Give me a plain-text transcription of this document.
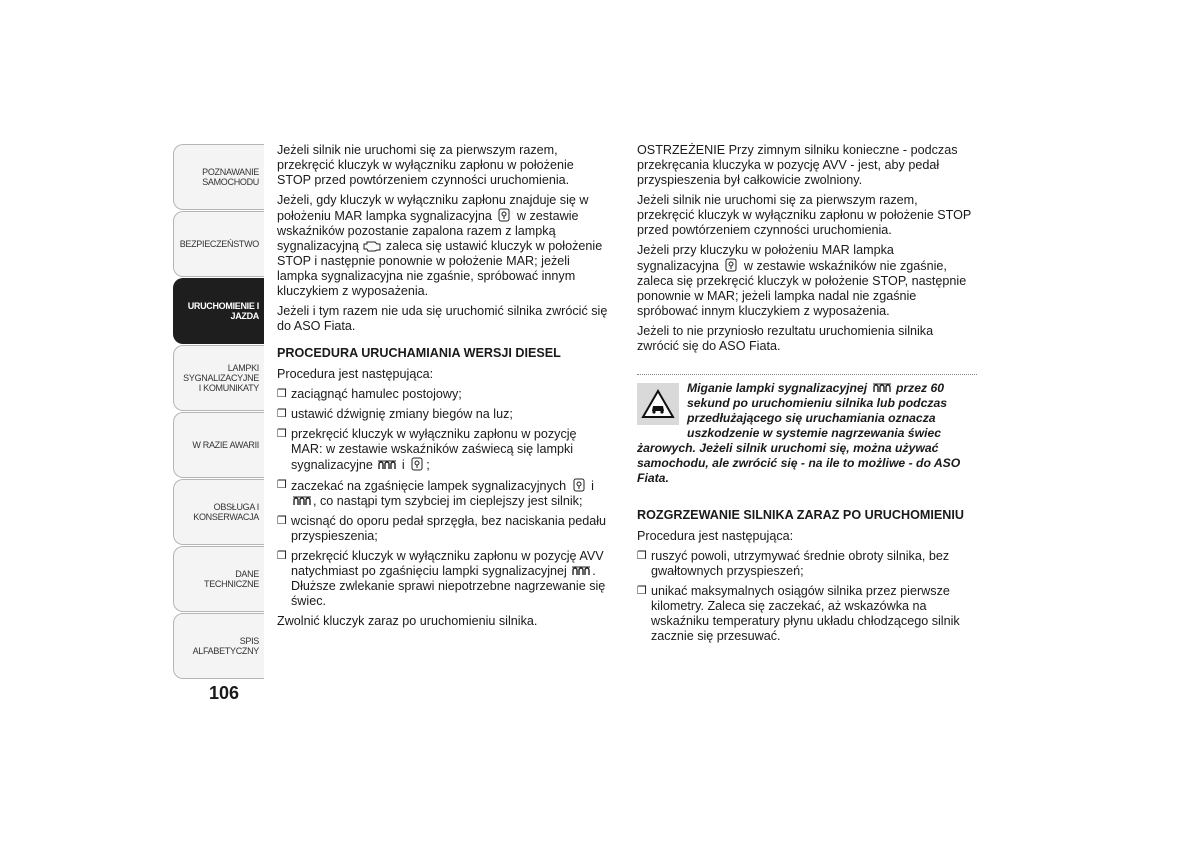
POZNAWANIE SAMOCHODU
BEZPIECZEŃSTWO
URUCHOMIENIE I JAZDA
LAMPKI SYGNALIZACYJNE I KOMUNIKATY
W RAZIE AWARII
OBSŁUGA I KONSERWACJA
DANE TECHNICZNE
SPIS ALFABETYCZNY
106

Jeżeli silnik nie uruchomi się za pierwszym razem, przekręcić kluczyk w wyłączniku zapłonu w położenie STOP przed powtórzeniem czynności uruchomienia.

Jeżeli, gdy kluczyk w wyłączniku zapłonu znajduje się w położeniu MAR lampka sygnalizacyjna w zestawie wskaźników pozostanie zapalona razem z lampką sygnalizacyjną zaleca się ustawić kluczyk w położenie STOP i następnie ponownie w położenie MAR; jeżeli lampka sygnalizacyjna nie zgaśnie, spróbować innym kluczykiem z wyposażenia.

Jeżeli i tym razem nie uda się uruchomić silnika zwrócić się do ASO Fiata.

PROCEDURA URUCHAMIANIA WERSJI DIESEL

Procedura jest następująca:

❒ zaciągnąć hamulec postojowy;
❒ ustawić dźwignię zmiany biegów na luz;
❒ przekręcić kluczyk w wyłączniku zapłonu w pozycję MAR: w zestawie wskaźników zaświecą się lampki sygnalizacyjne i ;
❒ zaczekać na zgaśnięcie lampek sygnalizacyjnych i , co nastąpi tym szybciej im cieplejszy jest silnik;
❒ wcisnąć do oporu pedał sprzęgła, bez naciskania pedału przyspieszenia;
❒ przekręcić kluczyk w wyłączniku zapłonu w pozycję AVV natychmiast po zgaśnięciu lampki sygnalizacyjnej . Dłuższe zwlekanie sprawi niepotrzebne nagrzewanie się świec.

Zwolnić kluczyk zaraz po uruchomieniu silnika.

OSTRZEŻENIE Przy zimnym silniku konieczne - podczas przekręcania kluczyka w pozycję AVV - jest, aby pedał przyspieszenia był całkowicie zwolniony.

Jeżeli silnik nie uruchomi się za pierwszym razem, przekręcić kluczyk w wyłączniku zapłonu w położenie STOP przed powtórzeniem czynności uruchomienia.

Jeżeli przy kluczyku w położeniu MAR lampka sygnalizacyjna w zestawie wskaźników nie zgaśnie, zaleca się przekręcić kluczyk w położenie STOP, następnie ponownie w MAR; jeżeli lampka nadal nie zgaśnie spróbować innym kluczykiem z wyposażenia.

Jeżeli to nie przyniosło rezultatu uruchomienia silnika zwrócić się do ASO Fiata.

Miganie lampki sygnalizacyjnej przez 60 sekund po uruchomieniu silnika lub podczas przedłużającego się uruchamiania oznacza uszkodzenie w systemie nagrzewania świec żarowych. Jeżeli silnik uruchomi się, można używać samochodu, ale zwrócić się - na ile to możliwe - do ASO Fiata.
ROZGRZEWANIE SILNIKA ZARAZ PO URUCHOMIENIU

Procedura jest następująca:

❒ ruszyć powoli, utrzymywać średnie obroty silnika, bez gwałtownych przyspieszeń;
❒ unikać maksymalnych osiągów silnika przez pierwsze kilometry. Zaleca się zaczekać, aż wskazówka na wskaźniku temperatury płynu układu chłodzącego silnik zacznie się przesuwać.
